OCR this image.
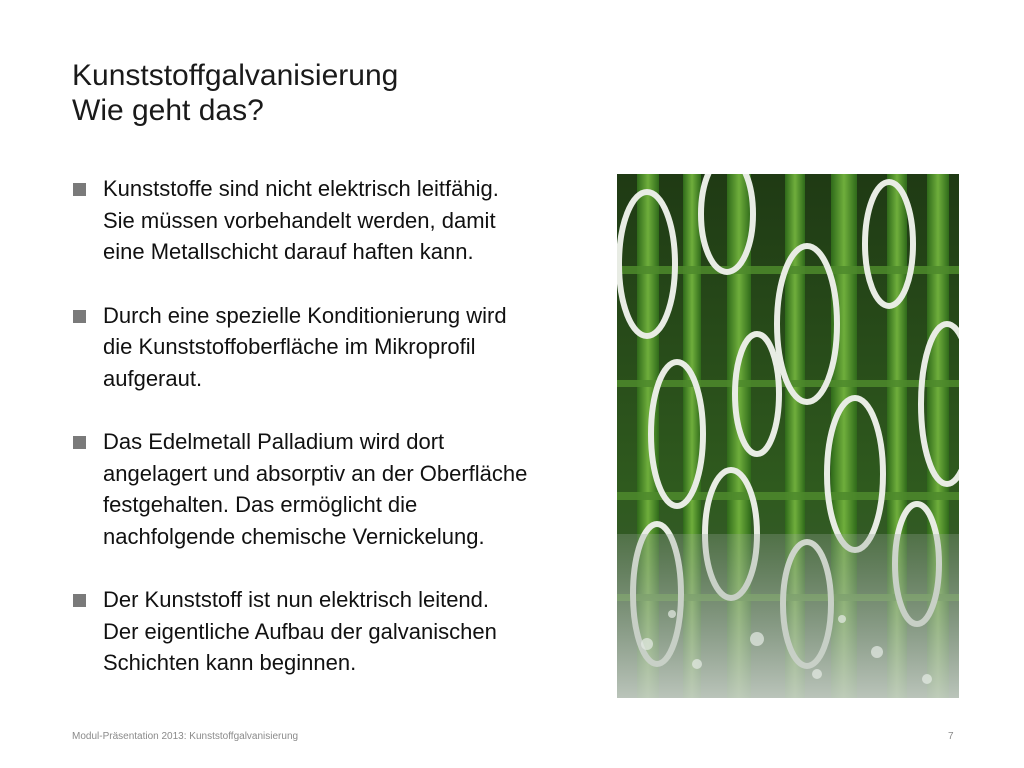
Kunststoffgalvanisierung
Wie geht das?
Kunststoffe sind nicht elektrisch leitfähig.
Sie müssen vorbehandelt werden, damit
eine Metallschicht darauf haften kann.
Durch eine spezielle Konditionierung wird
die Kunststoffoberfläche im Mikroprofil
aufgeraut.
Das Edelmetall Palladium wird dort
angelagert und absorptiv an der Oberfläche
festgehalten. Das ermöglicht die
nachfolgende chemische Vernickelung.
Der Kunststoff ist nun elektrisch leitend.
Der eigentliche Aufbau der galvanischen
Schichten kann beginnen.
Modul-Präsentation 2013: Kunststoffgalvanisierung	7
